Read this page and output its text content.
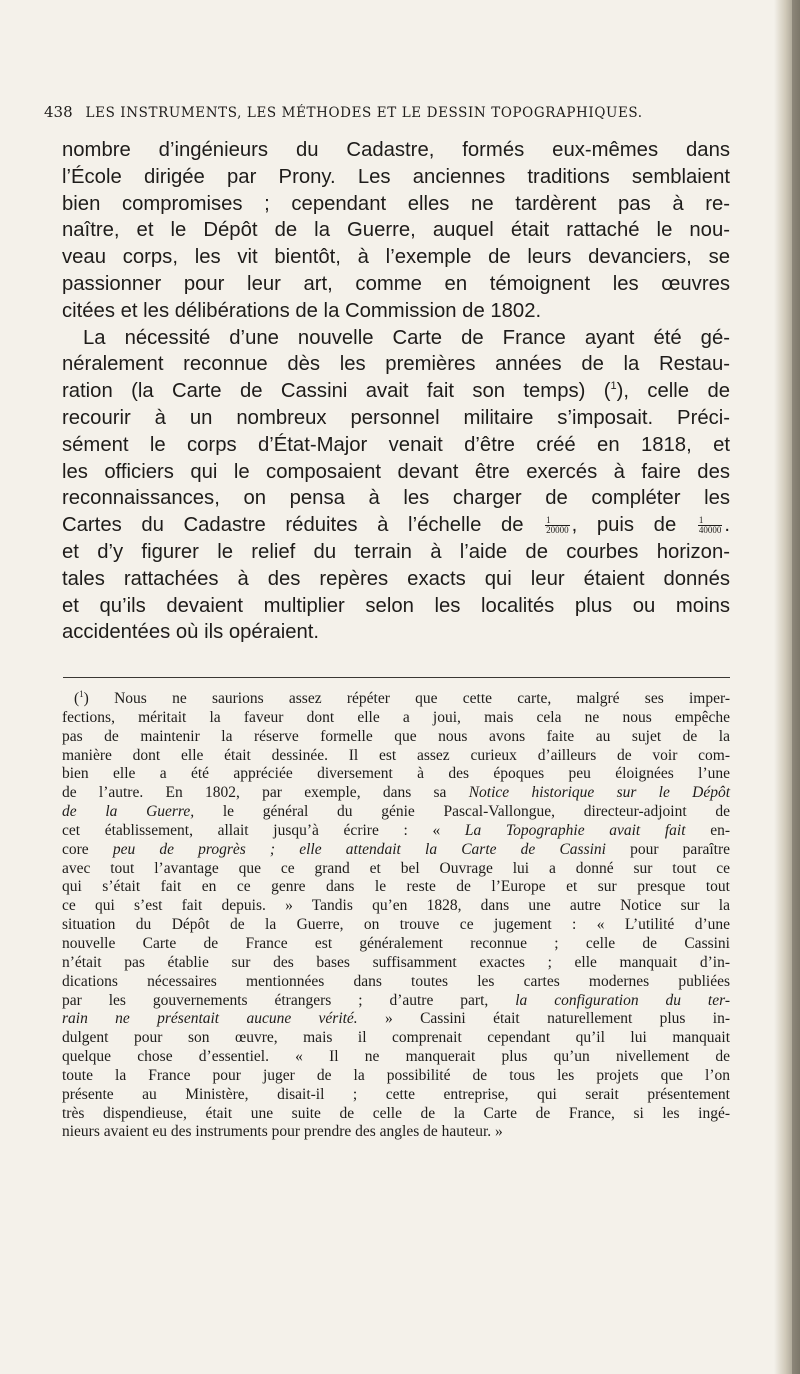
438 LES INSTRUMENTS, LES MÉTHODES ET LE DESSIN TOPOGRAPHIQUES.
nombre d’ingénieurs du Cadastre, formés eux-mêmes dans
l’École dirigée par Prony. Les anciennes traditions semblaient
bien compromises ; cependant elles ne tardèrent pas à re-
naître, et le Dépôt de la Guerre, auquel était rattaché le nou-
veau corps, les vit bientôt, à l’exemple de leurs devanciers, se
passionner pour leur art, comme en témoignent les œuvres
citées et les délibérations de la Commission de 1802.
La nécessité d’une nouvelle Carte de France ayant été gé-
néralement reconnue dès les premières années de la Restau-
ration (la Carte de Cassini avait fait son temps) ($^1$), celle de
recourir à un nombreux personnel militaire s’imposait. Préci-
sément le corps d’État-Major venait d’être créé en 1818, et
les officiers qui le composaient devant être exercés à faire des
reconnaissances, on pensa à les charger de compléter les
Cartes du Cadastre réduites à l’échelle de $\frac{1}{20000}$ , puis de $\frac{1}{40000}$ .
et d’y figurer le relief du terrain à l’aide de courbes horizon-
tales rattachées à des repères exacts qui leur étaient donnés
et qu’ils devaient multiplier selon les localités plus ou moins
accidentées où ils opéraient.
($^1$) Nous ne saurions assez répéter que cette carte, malgré ses imper-
fections, méritait la faveur dont elle a joui, mais cela ne nous empêche
pas de maintenir la réserve formelle que nous avons faite au sujet de la
manière dont elle était dessinée. Il est assez curieux d’ailleurs de voir com-
bien elle a été appréciée diversement à des époques peu éloignées l’une
de l’autre. En 1802, par exemple, dans sa Notice historique sur le Dépôt
de la Guerre, le général du génie Pascal-Vallongue, directeur-adjoint de
cet établissement, allait jusqu’à écrire : « La Topographie avait fait en-
core peu de progrès ; elle attendait la Carte de Cassini pour paraître
avec tout l’avantage que ce grand et bel Ouvrage lui a donné sur tout ce
qui s’était fait en ce genre dans le reste de l’Europe et sur presque tout
ce qui s’est fait depuis. » Tandis qu’en 1828, dans une autre Notice sur la
situation du Dépôt de la Guerre, on trouve ce jugement : « L’utilité d’une
nouvelle Carte de France est généralement reconnue ; celle de Cassini
n’était pas établie sur des bases suffisamment exactes ; elle manquait d’in-
dications nécessaires mentionnées dans toutes les cartes modernes publiées
par les gouvernements étrangers ; d’autre part, la configuration du ter-
rain ne présentait aucune vérité. » Cassini était naturellement plus in-
dulgent pour son œuvre, mais il comprenait cependant qu’il lui manquait
quelque chose d’essentiel. « Il ne manquerait plus qu’un nivellement de
toute la France pour juger de la possibilité de tous les projets que l’on
présente au Ministère, disait-il ; cette entreprise, qui serait présentement
très dispendieuse, était une suite de celle de la Carte de France, si les ingé-
nieurs avaient eu des instruments pour prendre des angles de hauteur. »
